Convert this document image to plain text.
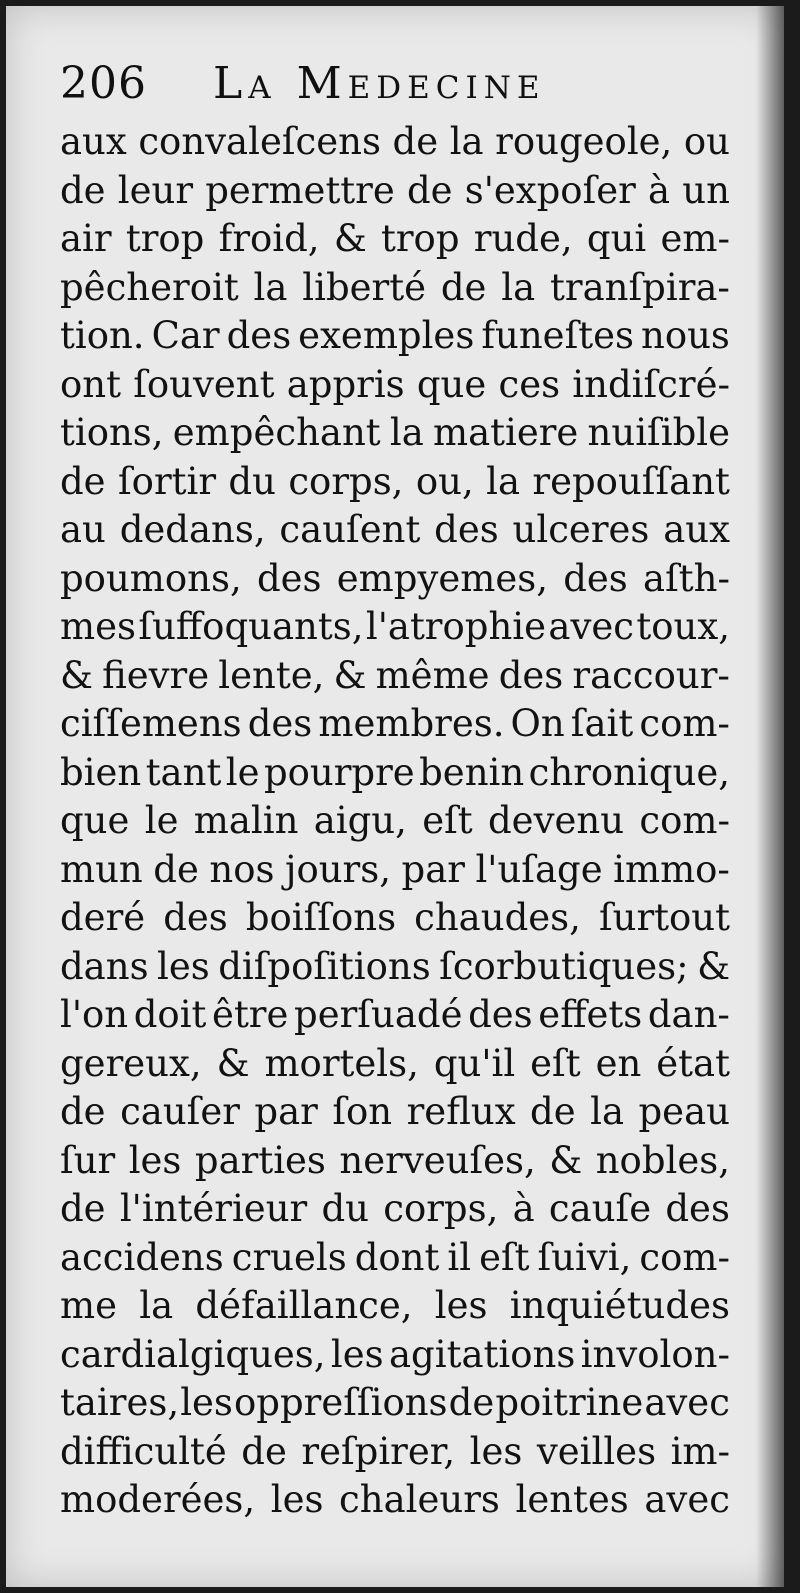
206 La Medecine
aux convaleſcens de la rougeole, ou
de leur permettre de s'expoſer à un
air trop froid, & trop rude, qui em-
pêcheroit la liberté de la tranſpira-
tion. Car des exemples funeſtes nous
ont ſouvent appris que ces indiſcré-
tions, empêchant la matiere nuiſible
de ſortir du corps, ou, la repouſſant
au dedans, cauſent des ulceres aux
poumons, des empyemes, des aſth-
mes ſuffoquants, l'atrophie avec toux,
& fievre lente, & même des raccour-
ciſſemens des membres. On ſait com-
bien tant le pourpre benin chronique,
que le malin aigu, eſt devenu com-
mun de nos jours, par l'uſage immo-
deré des boiſſons chaudes, ſurtout
dans les diſpoſitions ſcorbutiques; &
l'on doit être perſuadé des effets dan-
gereux, & mortels, qu'il eſt en état
de cauſer par ſon reflux de la peau
ſur les parties nerveuſes, & nobles,
de l'intérieur du corps, à cauſe des
accidens cruels dont il eſt ſuivi, com-
me la défaillance, les inquiétudes
cardialgiques, les agitations involon-
taires, les oppreſſions de poitrine avec
difficulté de reſpirer, les veilles im-
moderées, les chaleurs lentes avec
